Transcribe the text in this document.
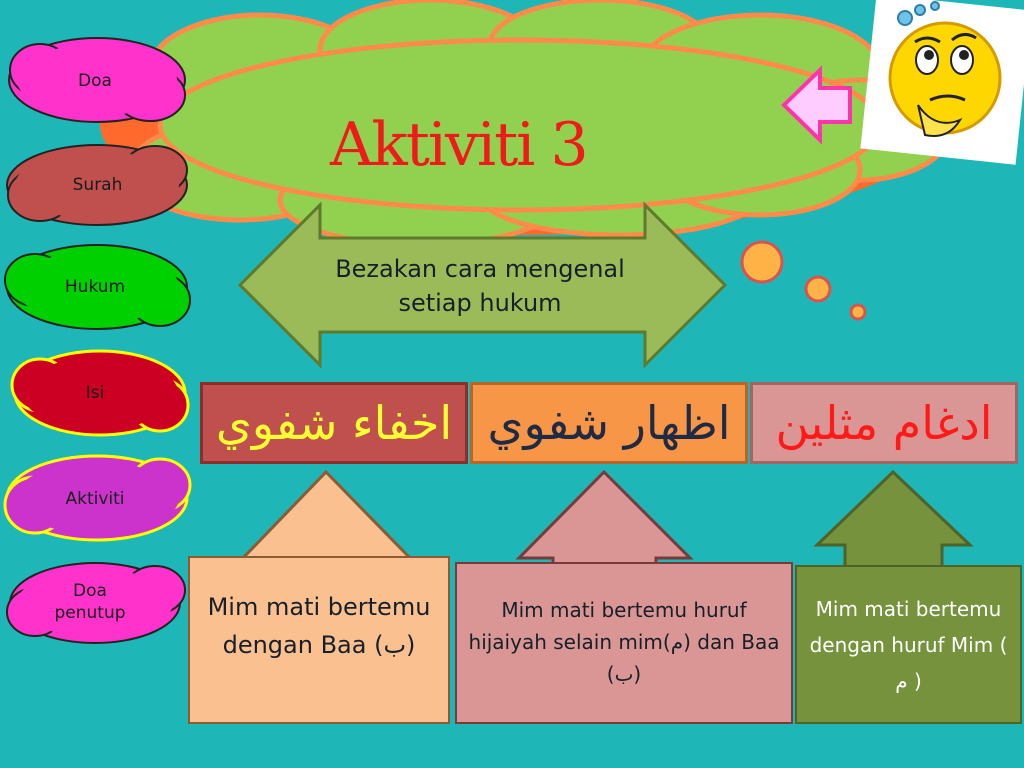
Doa
Surah
Hukum
Isi
Aktiviti
Doa penutup
Aktiviti 3
Bezakan cara mengenal setiap hukum
اخفاء شفوي اظهار شفوي ادغام مثلين
Mim mati bertemu dengan Baa (ب)
Mim mati bertemu huruf hijaiyah selain mim(م) dan Baa (ب)
Mim mati bertemu dengan huruf Mim ( م )
